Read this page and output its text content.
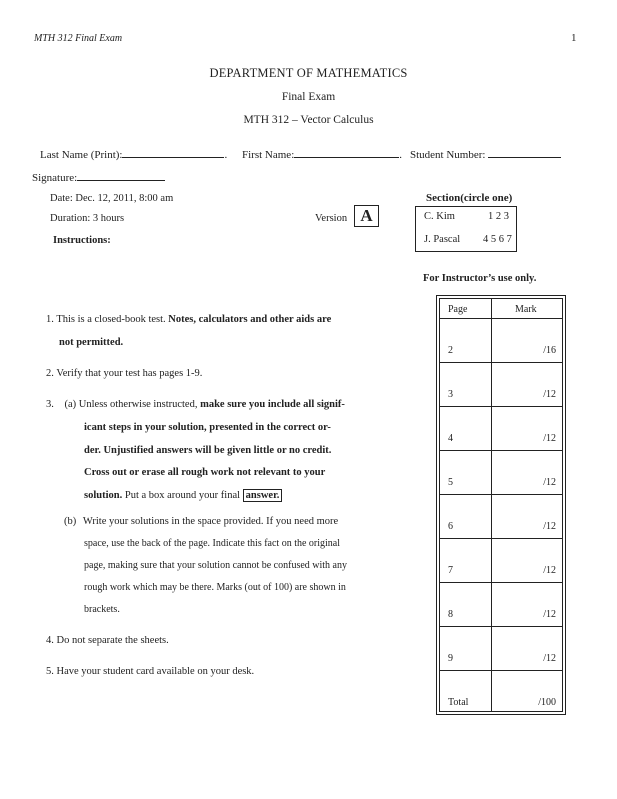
MTH 312 Final Exam	1
DEPARTMENT OF MATHEMATICS
Final Exam
MTH 312 – Vector Calculus
Last Name (Print):	. First Name:	. Student Number:
Signature:
Date: Dec. 12, 2011, 8:00 am
Duration: 3 hours
Instructions:
Version A
Section(circle one)
C. Kim	1 2 3
J. Pascal 4 5 6 7
1. This is a closed-book test. Notes, calculators and other aids are
not permitted.
2. Verify that your test has pages 1-9.
3. (a) Unless otherwise instructed, make sure you include all signif-
icant steps in your solution, presented in the correct or-
der. Unjustified answers will be given little or no credit.
Cross out or erase all rough work not relevant to your
solution. Put a box around your final answer.
(b) Write your solutions in the space provided. If you need more
space, use the back of the page. Indicate this fact on the original
page, making sure that your solution cannot be confused with any
rough work which may be there. Marks (out of 100) are shown in
brackets.
4. Do not separate the sheets.
5. Have your student card available on your desk.
For Instructor’s use only.
Page	Mark
2	/16
3	/12
4	/12
5	/12
6	/12
7	/12
8	/12
9	/12
Total	/100
